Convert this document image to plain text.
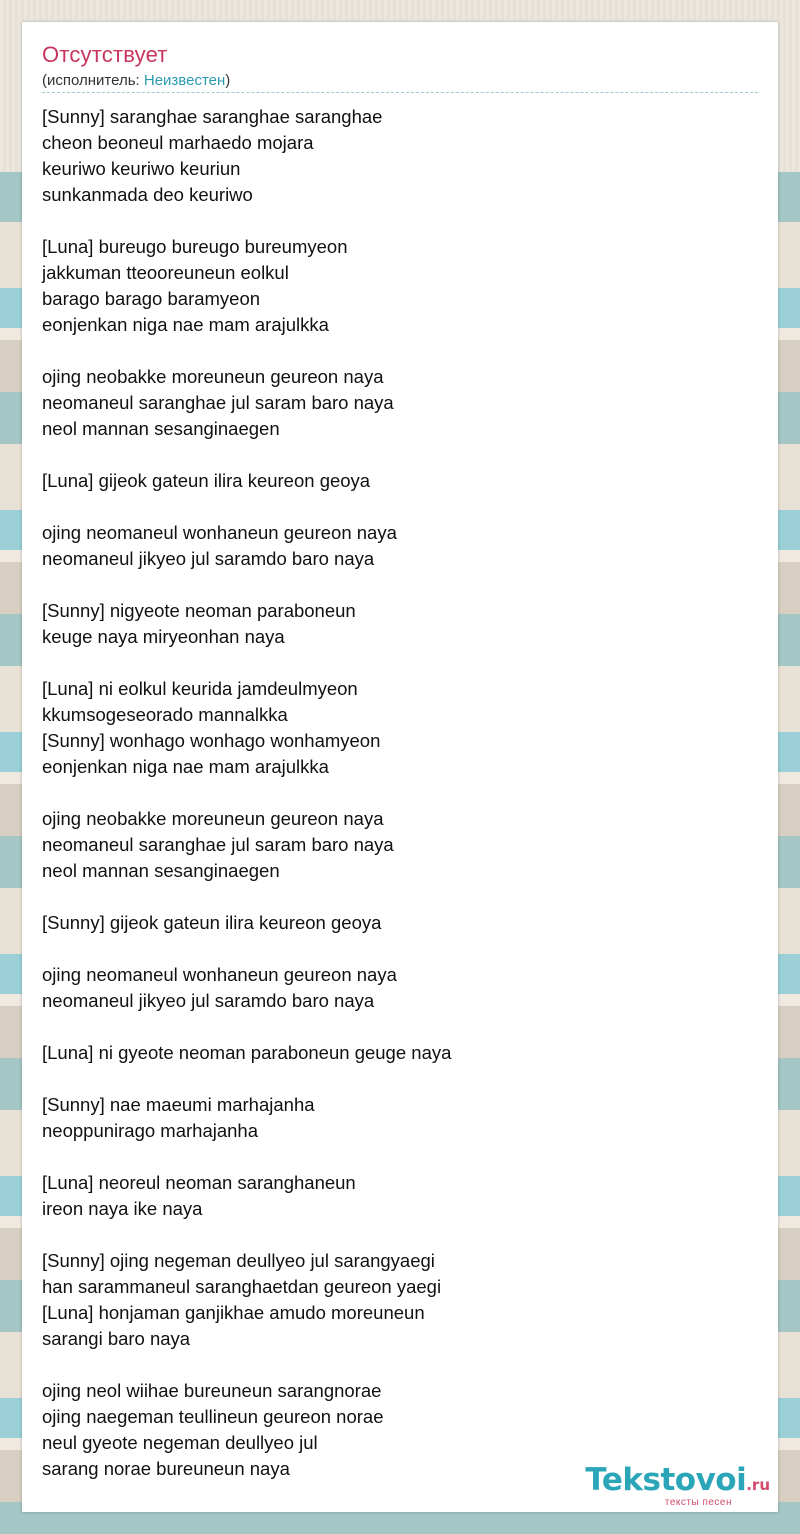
Отсутствует
(исполнитель: Неизвестен)
[Sunny] saranghae saranghae saranghae
cheon beoneul marhaedo mojara
keuriwo keuriwo keuriun
sunkanmada deo keuriwo
[Luna] bureugo bureugo bureumyeon
jakkuman tteooreuneun eolkul
barago barago baramyeon
eonjenkan niga nae mam arajulkka
ojing neobakke moreuneun geureon naya
neomaneul saranghae jul saram baro naya
neol mannan sesanginaegen
[Luna] gijeok gateun ilira keureon geoya
ojing neomaneul wonhaneun geureon naya
neomaneul jikyeo jul saramdo baro naya
[Sunny] nigyeote neoman paraboneun
keuge naya miryeonhan naya
[Luna] ni eolkul keurida jamdeulmyeon
kkumsogeseorado mannalkka
[Sunny] wonhago wonhago wonhamyeon
eonjenkan niga nae mam arajulkka
ojing neobakke moreuneun geureon naya
neomaneul saranghae jul saram baro naya
neol mannan sesanginaegen
[Sunny] gijeok gateun ilira keureon geoya
ojing neomaneul wonhaneun geureon naya
neomaneul jikyeo jul saramdo baro naya
[Luna] ni gyeote neoman paraboneun geuge naya
[Sunny] nae maeumi marhajanha
neoppunirago marhajanha
[Luna] neoreul neoman saranghaneun
ireon naya ike naya
[Sunny] ojing negeman deullyeo jul sarangyaegi
han sarammaneul saranghaetdan geureon yaegi
[Luna] honjaman ganjikhae amudo moreuneun
sarangi baro naya
ojing neol wiihae bureuneun sarangnorae
ojing naegeman teullineun geureon norae
neul gyeote negeman deullyeo jul
sarang norae bureuneun naya	Tekstovoi.ru
тексты песен
